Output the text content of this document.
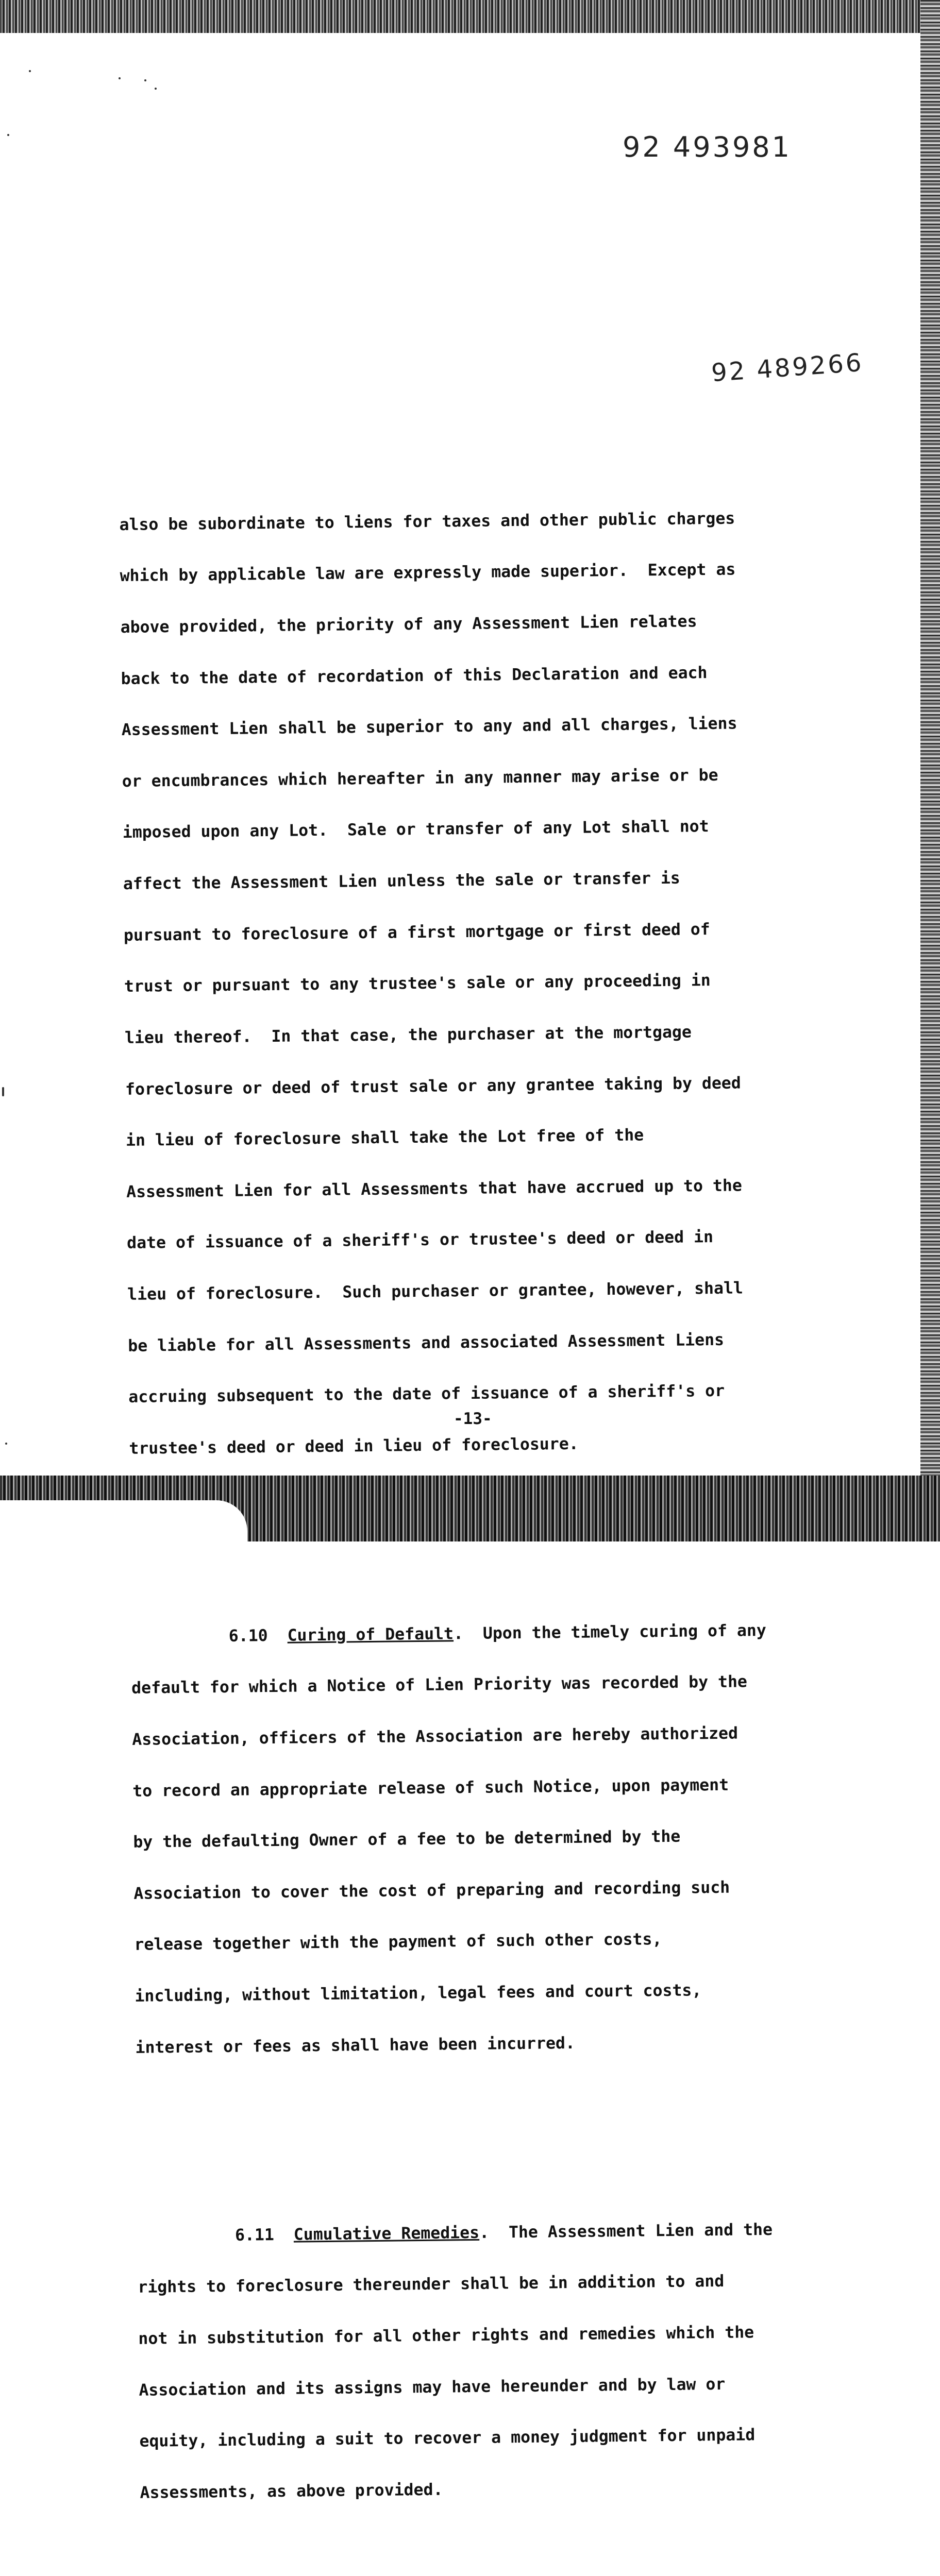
92 493981
92 489266

also be subordinate to liens for taxes and other public charges

which by applicable law are expressly made superior.  Except as

above provided, the priority of any Assessment Lien relates

back to the date of recordation of this Declaration and each

Assessment Lien shall be superior to any and all charges, liens

or encumbrances which hereafter in any manner may arise or be

imposed upon any Lot.  Sale or transfer of any Lot shall not

affect the Assessment Lien unless the sale or transfer is

pursuant to foreclosure of a first mortgage or first deed of

trust or pursuant to any trustee's sale or any proceeding in

lieu thereof.  In that case, the purchaser at the mortgage

foreclosure or deed of trust sale or any grantee taking by deed

in lieu of foreclosure shall take the Lot free of the

Assessment Lien for all Assessments that have accrued up to the

date of issuance of a sheriff's or trustee's deed or deed in

lieu of foreclosure.  Such purchaser or grantee, however, shall

be liable for all Assessments and associated Assessment Liens

accruing subsequent to the date of issuance of a sheriff's or

trustee's deed or deed in lieu of foreclosure.

6.10 Curing of Default.  Upon the timely curing of any

default for which a Notice of Lien Priority was recorded by the

Association, officers of the Association are hereby authorized

to record an appropriate release of such Notice, upon payment

by the defaulting Owner of a fee to be determined by the

Association to cover the cost of preparing and recording such

release together with the payment of such other costs,

including, without limitation, legal fees and court costs,

interest or fees as shall have been incurred.

6.11 Cumulative Remedies.  The Assessment Lien and the

rights to foreclosure thereunder shall be in addition to and

not in substitution for all other rights and remedies which the

Association and its assigns may have hereunder and by law or

equity, including a suit to recover a money judgment for unpaid

Assessments, as above provided.

-13-
